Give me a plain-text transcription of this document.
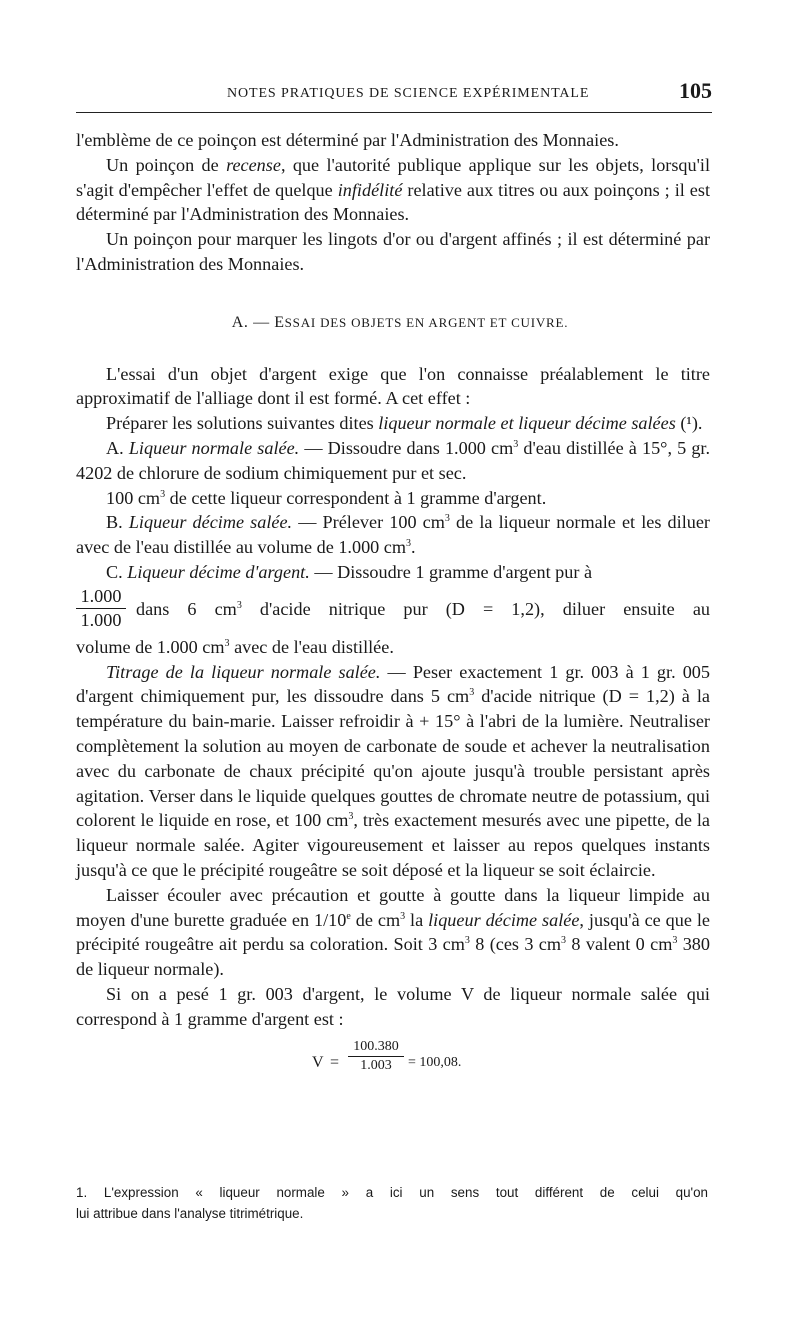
NOTES PRATIQUES DE SCIENCE EXPÉRIMENTALE	105

l'emblème de ce poinçon est déterminé par l'Administration des Monnaies.

Un poinçon de recense, que l'autorité publique applique sur les objets, lorsqu'il s'agit d'empêcher l'effet de quelque infidélité relative aux titres ou aux poinçons ; il est déterminé par l'Administration des Monnaies.

Un poinçon pour marquer les lingots d'or ou d'argent affinés ; il est déterminé par l'Administration des Monnaies.

A. — ESSAI DES OBJETS EN ARGENT ET CUIVRE.

L'essai d'un objet d'argent exige que l'on connaisse préalablement le titre approximatif de l'alliage dont il est formé. A cet effet :

Préparer les solutions suivantes dites liqueur normale et liqueur décime salées (¹).

A. Liqueur normale salée. — Dissoudre dans 1.000 $cm^3$ d'eau distillée à 15°, 5 gr. 4202 de chlorure de sodium chimiquement pur et sec.

100 $cm^3$ de cette liqueur correspondent à 1 gramme d'argent.

B. Liqueur décime salée. — Prélever 100 $cm^3$ de la liqueur normale et les diluer avec de l'eau distillée au volume de 1.000 $cm^3$.

C. Liqueur décime d'argent. — Dissoudre 1 gramme d'argent pur à

$\frac{1.000}{1.000}$ dans 6 $cm^3$ d'acide nitrique pur (D = 1,2), diluer ensuite au

volume de 1.000 $cm^3$ avec de l'eau distillée.

Titrage de la liqueur normale salée. — Peser exactement 1 gr. 003 à 1 gr. 005 d'argent chimiquement pur, les dissoudre dans 5 $cm^3$ d'acide nitrique (D = 1,2) à la température du bain-marie. Laisser refroidir à + 15° à l'abri de la lumière. Neutraliser complètement la solution au moyen de carbonate de soude et achever la neutralisation avec du carbonate de chaux précipité qu'on ajoute jusqu'à trouble persistant après agitation. Verser dans le liquide quelques gouttes de chromate neutre de potassium, qui colorent le liquide en rose, et 100 $cm^3$, très exactement mesurés avec une pipette, de la liqueur normale salée. Agiter vigoureusement et laisser au repos quelques instants jusqu'à ce que le précipité rougeâtre se soit déposé et la liqueur se soit éclaircie.

Laisser écouler avec précaution et goutte à goutte dans la liqueur limpide au moyen d'une burette graduée en 1/10e de $cm^3$ la liqueur décime salée, jusqu'à ce que le précipité rougeâtre ait perdu sa coloration. Soit 3 $cm^3$ 8 (ces 3 $cm^3$ 8 valent 0 $cm^3$ 380 de liqueur normale).

Si on a pesé 1 gr. 003 d'argent, le volume V de liqueur normale salée qui correspond à 1 gramme d'argent est :

V =
100.380
1.003	= 100,08.
1. L'expression « liqueur normale » a ici un sens tout différent de celui qu'on
lui attribue dans l'analyse titrimétrique.
